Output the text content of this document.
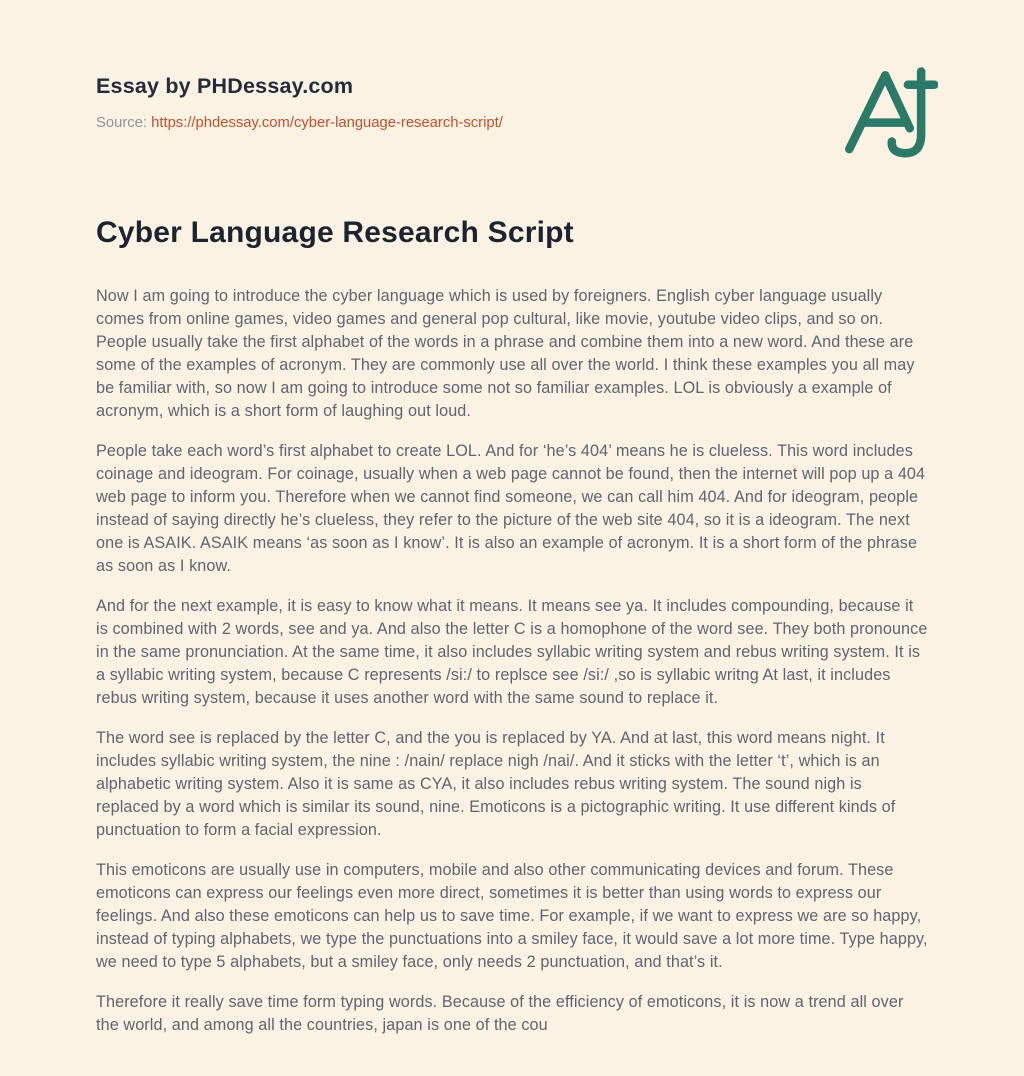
Essay by PHDessay.com
Source: https://phdessay.com/cyber-language-research-script/
Cyber Language Research Script

Now I am going to introduce the cyber language which is used by foreigners. English cyber language usually comes from online games, video games and general pop cultural, like movie, youtube video clips, and so on. People usually take the first alphabet of the words in a phrase and combine them into a new word. And these are some of the examples of acronym. They are commonly use all over the world. I think these examples you all may be familiar with, so now I am going to introduce some not so familiar examples. LOL is obviously a example of acronym, which is a short form of laughing out loud.

People take each word’s first alphabet to create LOL. And for ‘he’s 404’ means he is clueless. This word includes coinage and ideogram. For coinage, usually when a web page cannot be found, then the internet will pop up a 404 web page to inform you. Therefore when we cannot find someone, we can call him 404. And for ideogram, people instead of saying directly he’s clueless, they refer to the picture of the web site 404, so it is a ideogram. The next one is ASAIK. ASAIK means ‘as soon as I know’. It is also an example of acronym. It is a short form of the phrase as soon as I know.

And for the next example, it is easy to know what it means. It means see ya. It includes compounding, because it is combined with 2 words, see and ya. And also the letter C is a homophone of the word see. They both pronounce in the same pronunciation. At the same time, it also includes syllabic writing system and rebus writing system. It is a syllabic writing system, because C represents /si:/ to replsce see /si:/ ,so is syllabic writng At last, it includes rebus writing system, because it uses another word with the same sound to replace it.

The word see is replaced by the letter C, and the you is replaced by YA. And at last, this word means night. It includes syllabic writing system, the nine : /nain/ replace nigh /nai/. And it sticks with the letter ‘t’, which is an alphabetic writing system. Also it is same as CYA, it also includes rebus writing system. The sound nigh is replaced by a word which is similar its sound, nine. Emoticons is a pictographic writing. It use different kinds of punctuation to form a facial expression.

This emoticons are usually use in computers, mobile and also other communicating devices and forum. These emoticons can express our feelings even more direct, sometimes it is better than using words to express our feelings. And also these emoticons can help us to save time. For example, if we want to express we are so happy, instead of typing alphabets, we type the punctuations into a smiley face, it would save a lot more time. Type happy, we need to type 5 alphabets, but a smiley face, only needs 2 punctuation, and that’s it.

Therefore it really save time form typing words. Because of the efficiency of emoticons, it is now a trend all over the world, and among all the countries, japan is one of the cou
